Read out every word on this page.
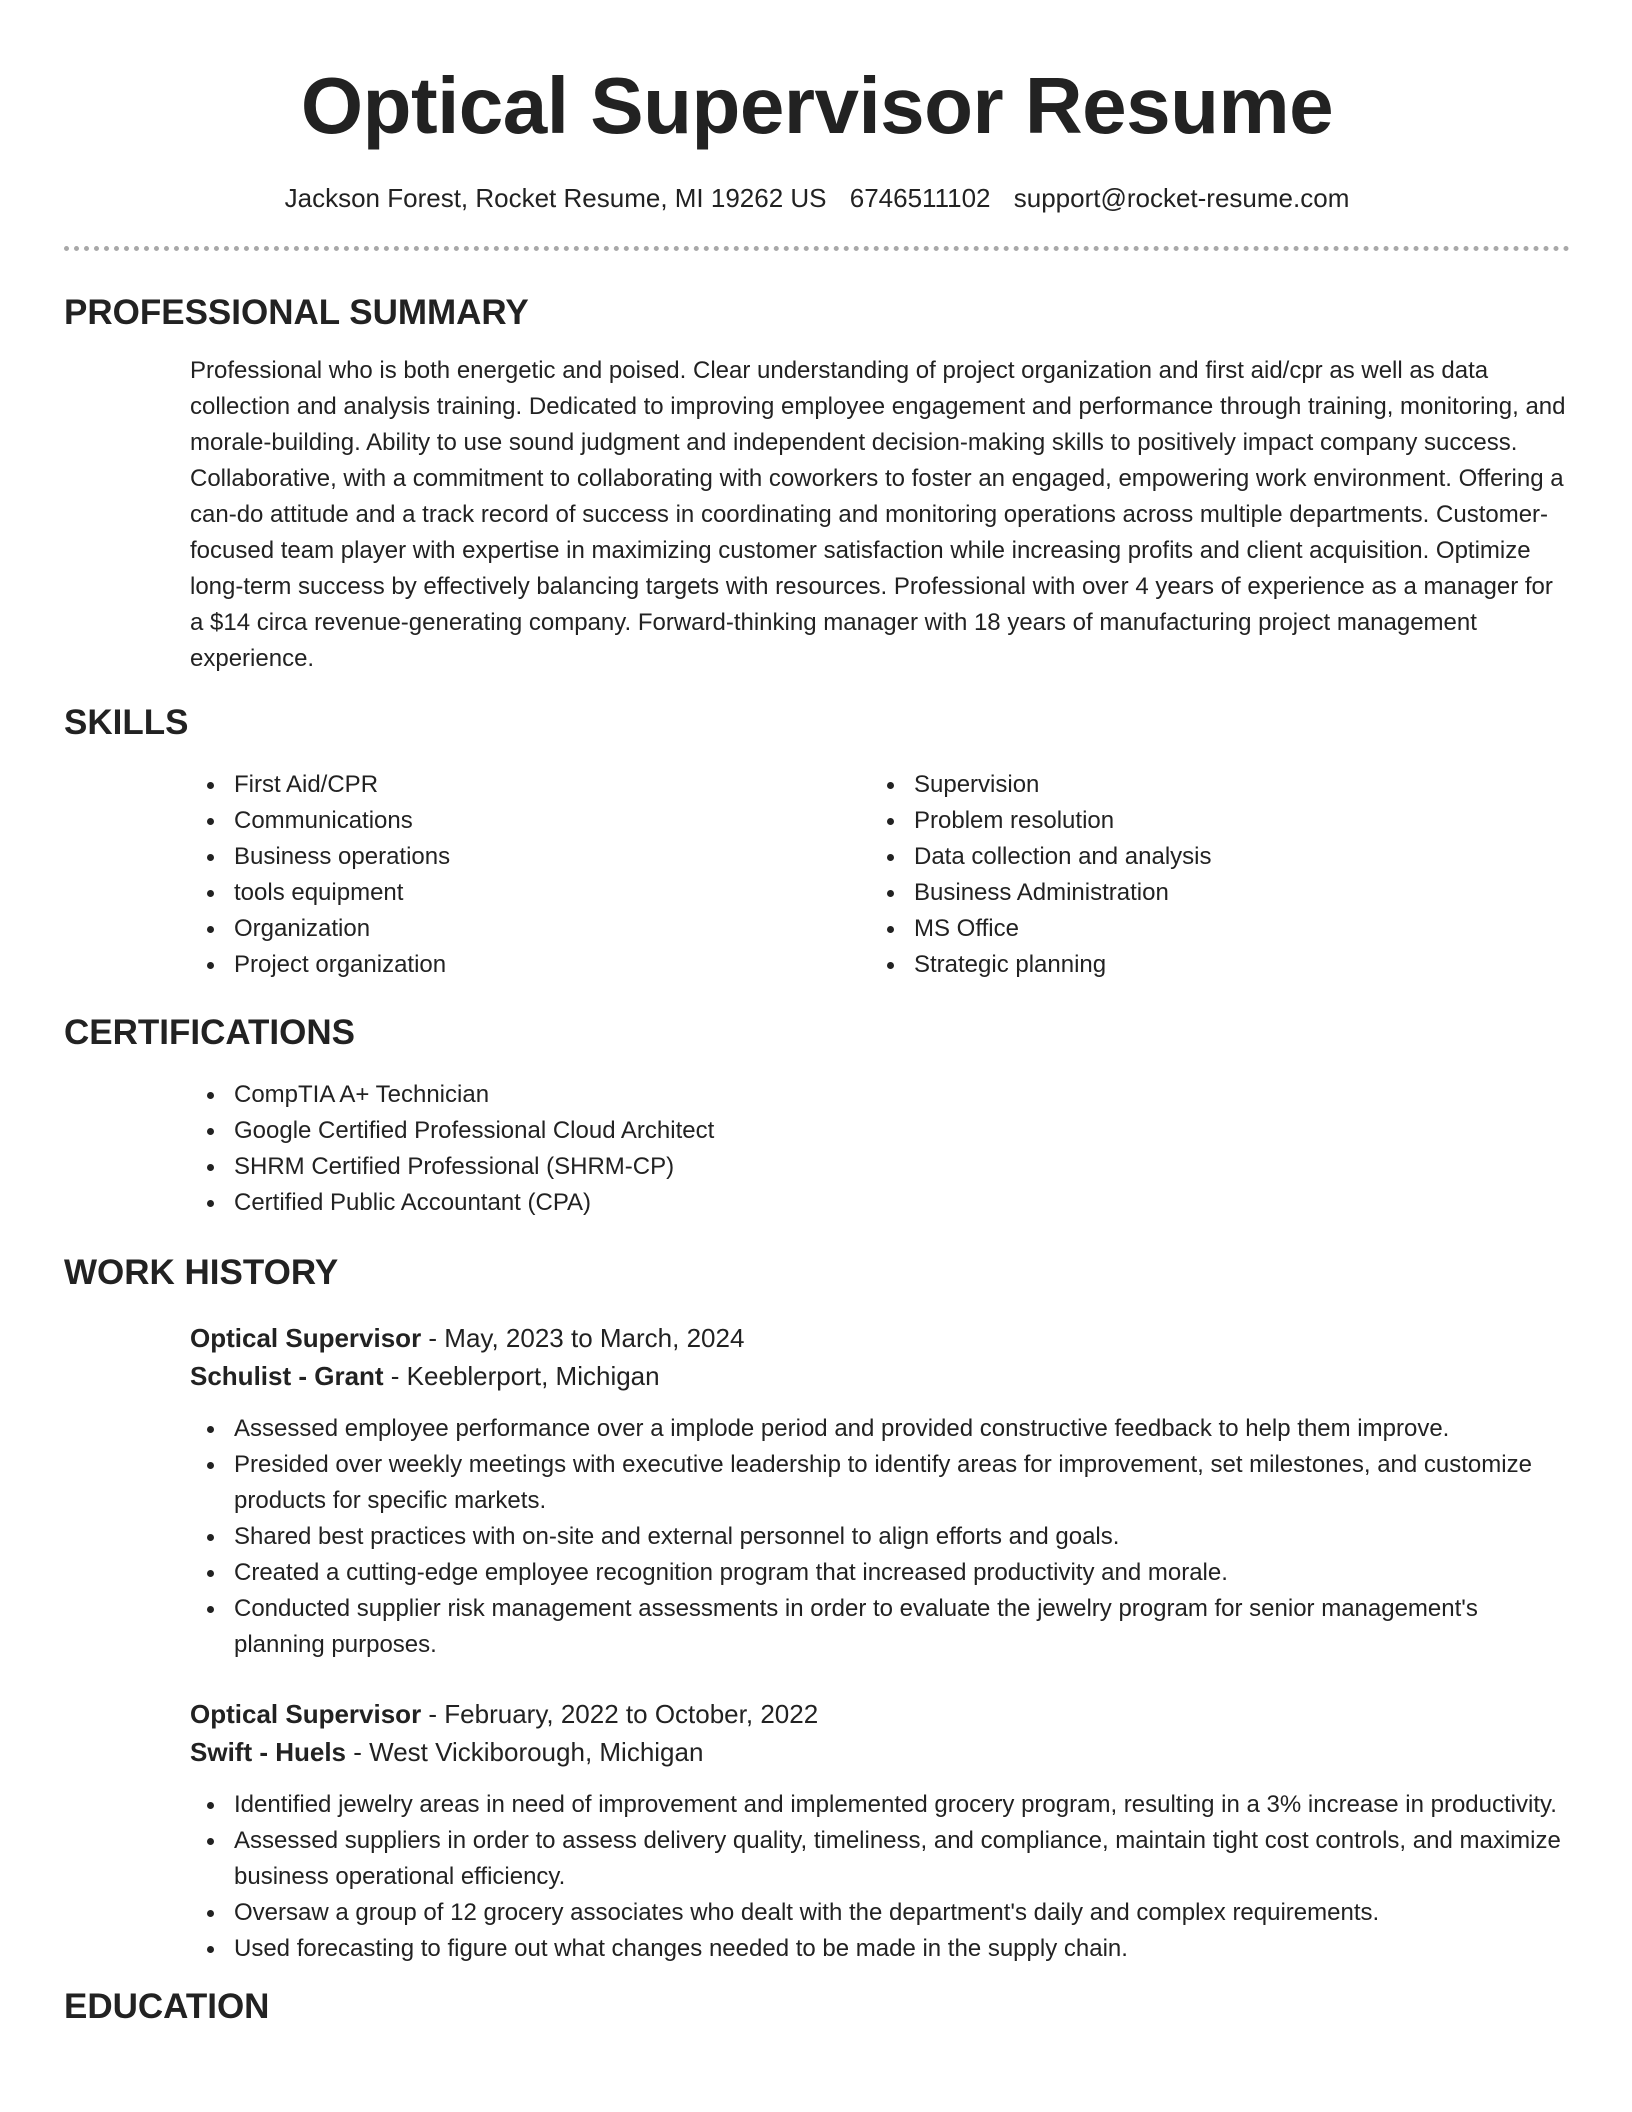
Optical Supervisor Resume
Jackson Forest, Rocket Resume, MI 19262 US 6746511102 support@rocket-resume.com
PROFESSIONAL SUMMARY

Professional who is both energetic and poised. Clear understanding of project organization and first aid/cpr as well as data collection and analysis training. Dedicated to improving employee engagement and performance through training, monitoring, and morale-building. Ability to use sound judgment and independent decision-making skills to positively impact company success. Collaborative, with a commitment to collaborating with coworkers to foster an engaged, empowering work environment. Offering a can-do attitude and a track record of success in coordinating and monitoring operations across multiple departments. Customer-focused team player with expertise in maximizing customer satisfaction while increasing profits and client acquisition. Optimize long-term success by effectively balancing targets with resources. Professional with over 4 years of experience as a manager for a $14 circa revenue-generating company. Forward-thinking manager with 18 years of manufacturing project management experience.

SKILLS
First Aid/CPR
Communications
Business operations
tools equipment
Organization
Project organization
Supervision
Problem resolution
Data collection and analysis
Business Administration
MS Office
Strategic planning
CERTIFICATIONS
CompTIA A+ Technician
Google Certified Professional Cloud Architect
SHRM Certified Professional (SHRM-CP)
Certified Public Accountant (CPA)
WORK HISTORY
Optical Supervisor - May, 2023 to March, 2024
Schulist - Grant - Keeblerport, Michigan
Assessed employee performance over a implode period and provided constructive feedback to help them improve.
Presided over weekly meetings with executive leadership to identify areas for improvement, set milestones, and customize products for specific markets.
Shared best practices with on-site and external personnel to align efforts and goals.
Created a cutting-edge employee recognition program that increased productivity and morale.
Conducted supplier risk management assessments in order to evaluate the jewelry program for senior management's planning purposes.
Optical Supervisor - February, 2022 to October, 2022
Swift - Huels - West Vickiborough, Michigan
Identified jewelry areas in need of improvement and implemented grocery program, resulting in a 3% increase in productivity.
Assessed suppliers in order to assess delivery quality, timeliness, and compliance, maintain tight cost controls, and maximize business operational efficiency.
Oversaw a group of 12 grocery associates who dealt with the department's daily and complex requirements.
Used forecasting to figure out what changes needed to be made in the supply chain.
EDUCATION
